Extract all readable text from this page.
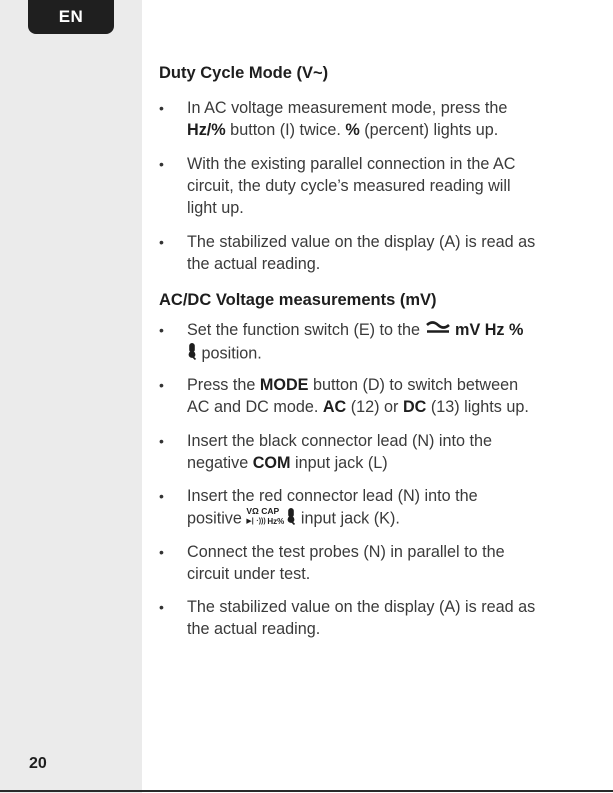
EN
20
Duty Cycle Mode (V~)
• In AC voltage measurement mode, press the
Hz/% button (I) twice. % (percent) lights up.
• With the existing parallel connection in the AC
circuit, the duty cycle’s measured reading will
light up.
• The stabilized value on the display (A) is read as
the actual reading.
AC/DC Voltage measurements (mV)
• Set the function switch (E) to the  mV Hz %
position.
• Press the MODE button (D) to switch between
AC and DC mode. AC (12) or DC (13) lights up.
• Insert the black connector lead (N) into the
negative COM input jack (L)
• Insert the red connector lead (N) into the
positive VΩ CAP
▶| ·))) Hz% input jack (K).
• Connect the test probes (N) in parallel to the
circuit under test.
• The stabilized value on the display (A) is read as
the actual reading.
